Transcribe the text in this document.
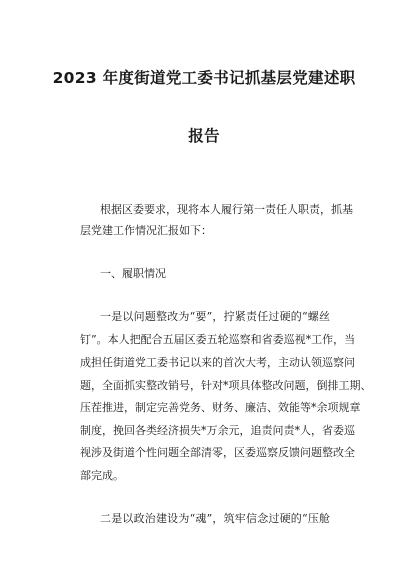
2023 年度街道党工委书记抓基层党建述职
报告
根据区委要求，现将本人履行第一责任人职责，抓基
层党建工作情况汇报如下：
一、履职情况
一是以问题整改为“要”，拧紧责任过硬的“螺丝
钉”。本人把配合五届区委五轮巡察和省委巡视*工作，当
成担任街道党工委书记以来的首次大考，主动认领巡察问
题，全面抓实整改销号，针对*项具体整改问题，倒排工期、
压茬推进，制定完善党务、财务、廉洁、效能等*余项规章
制度，挽回各类经济损失*万余元，追责问责*人，省委巡
视涉及街道个性问题全部清零，区委巡察反馈问题整改全
部完成。
二是以政治建设为“魂”，筑牢信念过硬的“压舱
